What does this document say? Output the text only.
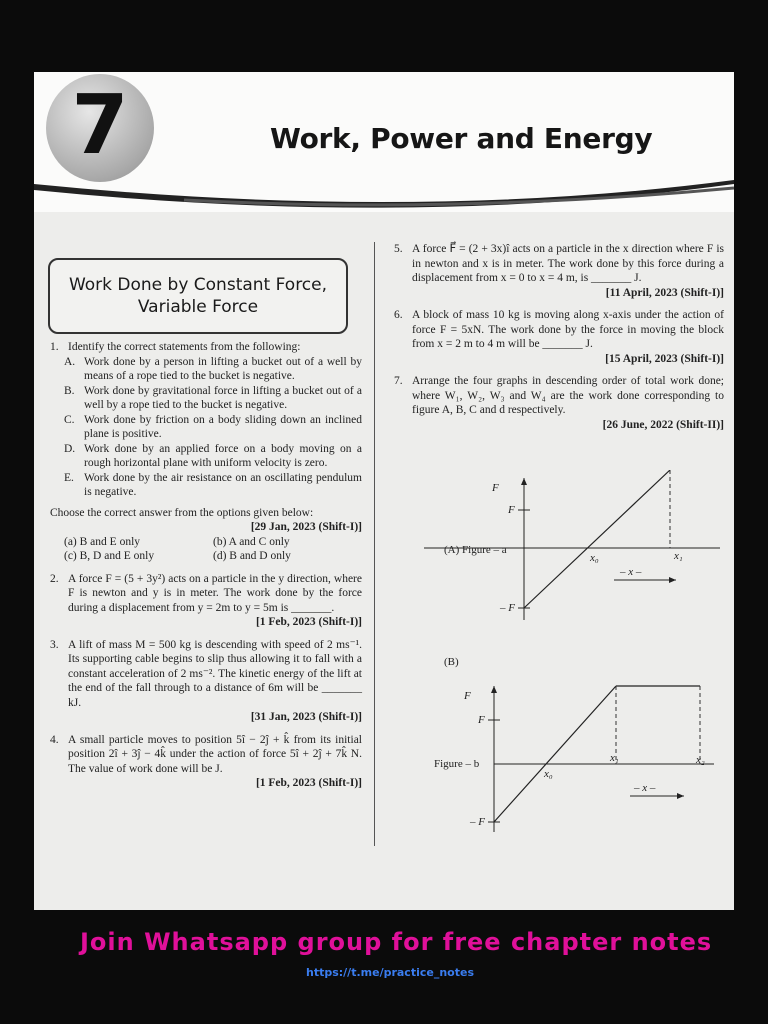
7	Work, Power and Energy
Work Done by Constant Force,
Variable Force
1. Identify the correct statements from the following:
A. Work done by a person in lifting a bucket out of a well by means of a rope tied to the bucket is negative.
B. Work done by gravitational force in lifting a bucket out of a well by a rope tied to the bucket is negative.
C. Work done by friction on a body sliding down an inclined plane is positive.
D. Work done by an applied force on a body moving on a rough horizontal plane with uniform velocity is zero.
E. Work done by the air resistance on an oscillating pendulum is negative.
Choose the correct answer from the options given below:
[29 Jan, 2023 (Shift-I)]
(a) B and E only	(b) A and C only
(c) B, D and E only	(d) B and D only
2. A force F = (5 + 3y²) acts on a particle in the y direction, where F is newton and y is in meter. The work done by the force during a displacement from y = 2m to y = 5m is _______.
[1 Feb, 2023 (Shift-I)]
3. A lift of mass M = 500 kg is descending with speed of 2 ms⁻¹. Its supporting cable begins to slip thus allowing it to fall with a constant acceleration of 2 ms⁻². The kinetic energy of the lift at the end of the fall through to a distance of 6m will be _______ kJ.
[31 Jan, 2023 (Shift-I)]
4. A small particle moves to position 5î − 2ĵ + k̂ from its initial position 2î + 3ĵ − 4k̂ under the action of force 5î + 2ĵ + 7k̂ N. The value of work done will be J.
[1 Feb, 2023 (Shift-I)]
5. A force F⃗ = (2 + 3x)î acts on a particle in the x direction where F is in newton and x is in meter. The work done by this force during a displacement from x = 0 to x = 4 m, is _______ J.
[11 April, 2023 (Shift-I)]
6. A block of mass 10 kg is moving along x-axis under the action of force F = 5xN. The work done by the force in moving the block from x = 2 m to 4 m will be _______ J.
[15 April, 2023 (Shift-I)]
7. Arrange the four graphs in descending order of total work done; where W₁, W₂, W₃ and W₄ are the work done corresponding to figure A, B, C and d respectively.
[26 June, 2022 (Shift-II)]
(A) Figure – a
F
F
– F
x₀	x₁
– x –
(B)
Figure – b
F
F
– F
x₀
x₁	x₂
– x –
Join Whatsapp group for free chapter notes
https://t.me/practice_notes
